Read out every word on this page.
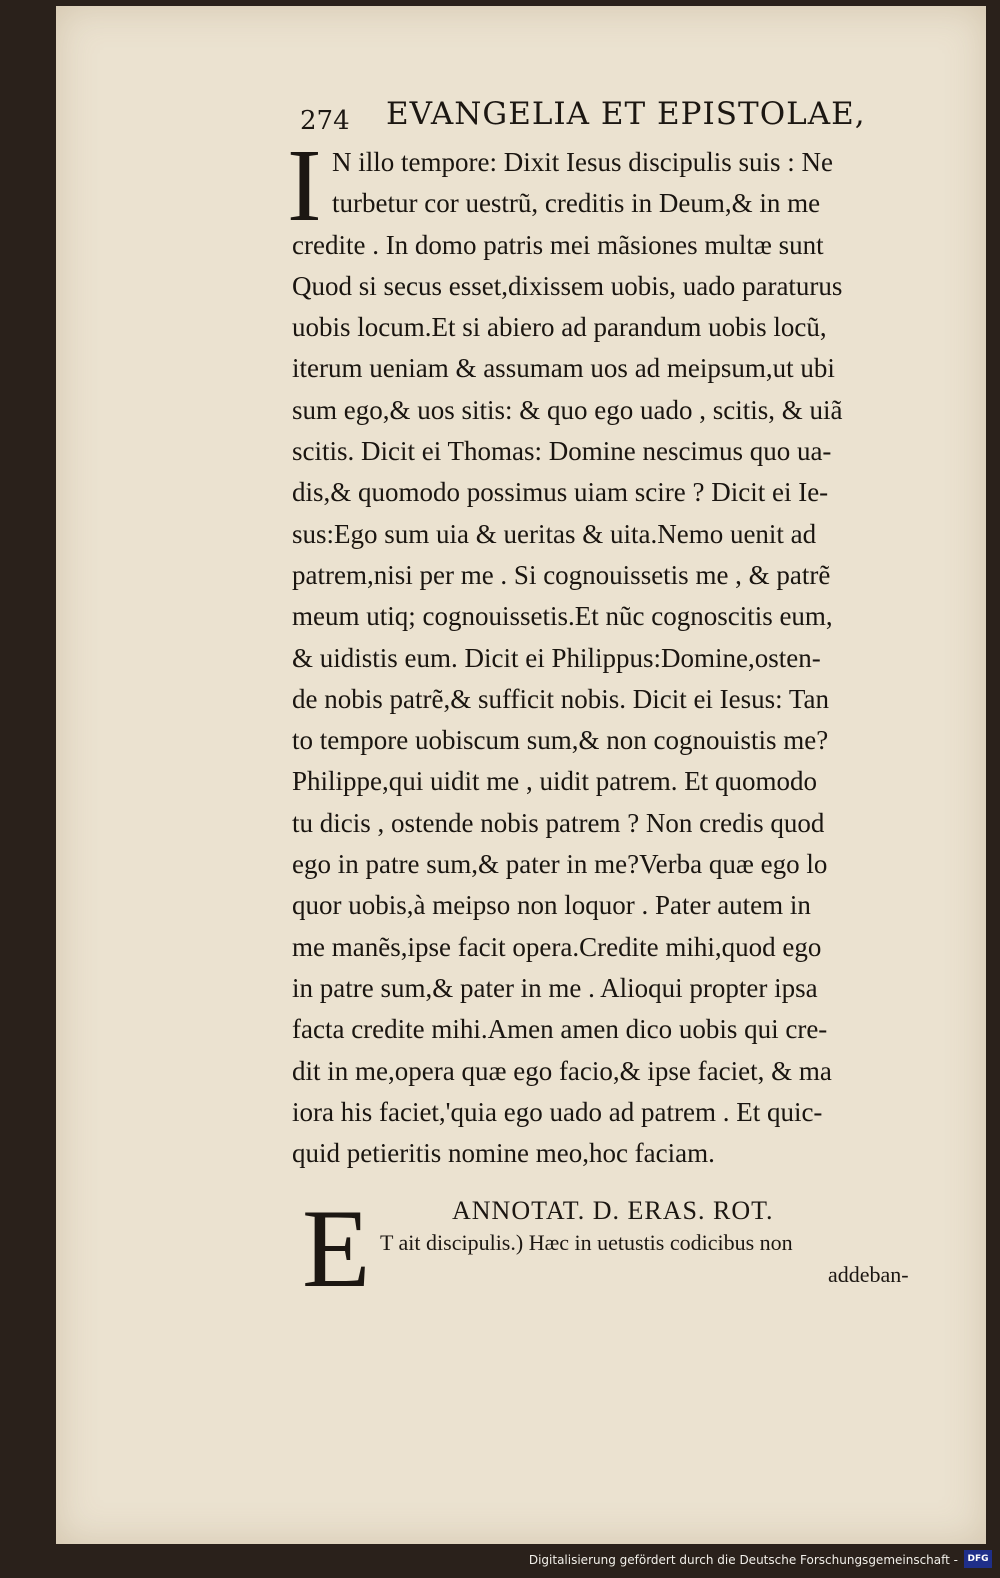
274 EVANGELIA ET EPISTOLAE,
I N illo tempore: Dixit Iesus discipulis suis : Ne
turbetur cor uestrũ, creditis in Deum,& in me
credite . In domo patris mei mãsiones multæ sunt
Quod si secus esset,dixissem uobis, uado paraturus
uobis locum.Et si abiero ad parandum uobis locũ,
iterum ueniam & assumam uos ad meipsum,ut ubi
sum ego,& uos sitis: & quo ego uado , scitis, & uiã
scitis. Dicit ei Thomas: Domine nescimus quo ua-
dis,& quomodo possimus uiam scire ? Dicit ei Ie-
sus:Ego sum uia & ueritas & uita.Nemo uenit ad
patrem,nisi per me . Si cognouissetis me , & patrẽ
meum utiq; cognouissetis.Et nũc cognoscitis eum,
& uidistis eum. Dicit ei Philippus:Domine,osten-
de nobis patrẽ,& sufficit nobis. Dicit ei Iesus: Tan
to tempore uobiscum sum,& non cognouistis me?
Philippe,qui uidit me , uidit patrem. Et quomodo
tu dicis , ostende nobis patrem ? Non credis quod
ego in patre sum,& pater in me?Verba quæ ego lo
quor uobis,à meipso non loquor . Pater autem in
me manẽs,ipse facit opera.Credite mihi,quod ego
in patre sum,& pater in me . Alioqui propter ipsa
facta credite mihi.Amen amen dico uobis qui cre-
dit in me,opera quæ ego facio,& ipse faciet, & ma
iora his faciet,'quia ego uado ad patrem . Et quic-
quid petieritis nomine meo,hoc faciam.
E	ANNOTAT. D. ERAS. ROT.
T ait discipulis.) Hæc in uetustis codicibus non
addeban-
Digitalisierung gefördert durch die Deutsche Forschungsgemeinschaft -	DFG
